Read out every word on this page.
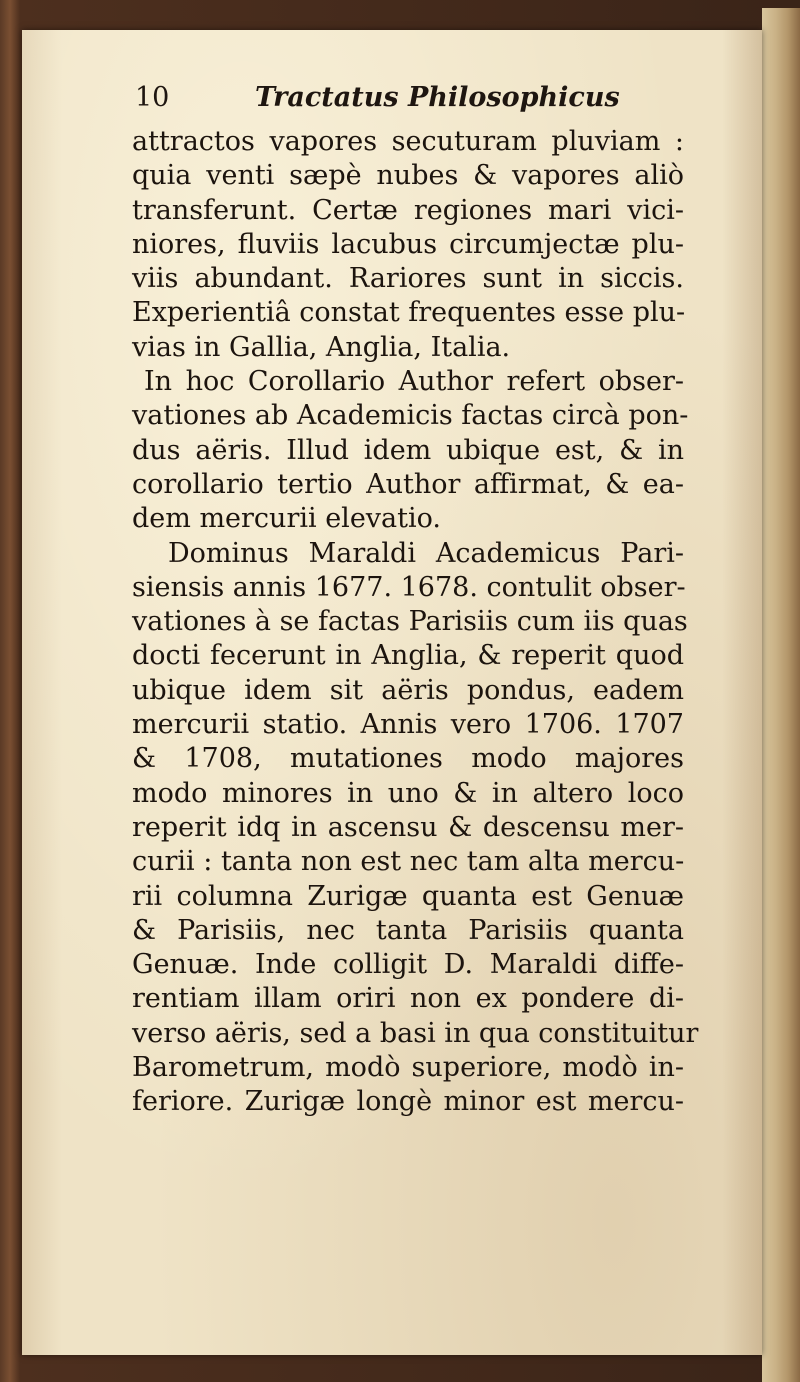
10	Tractatus Philosophicus
attractos vapores secuturam pluviam :
quia venti sæpè nubes & vapores aliò
transferunt. Certæ regiones mari vici-
niores, fluviis lacubus circumjectæ plu-
viis abundant. Rariores sunt in siccis.
Experientiâ constat frequentes esse plu-
vias in Gallia, Anglia, Italia.
In hoc Corollario Author refert obser-
vationes ab Academicis factas circà pon-
dus aëris. Illud idem ubique est, & in
corollario tertio Author affirmat, & ea-
dem mercurii elevatio.
Dominus Maraldi Academicus Pari-
siensis annis 1677. 1678. contulit obser-
vationes à se factas Parisiis cum iis quas
docti fecerunt in Anglia, & reperit quod
ubique idem sit aëris pondus, eadem
mercurii statio. Annis vero 1706. 1707
& 1708, mutationes modo majores
modo minores in uno & in altero loco
reperit idq in ascensu & descensu mer-
curii : tanta non est nec tam alta mercu-
rii columna Zurigæ quanta est Genuæ
& Parisiis, nec tanta Parisiis quanta
Genuæ. Inde colligit D. Maraldi diffe-
rentiam illam oriri non ex pondere di-
verso aëris, sed a basi in qua constituitur
Barometrum, modò superiore, modò in-
feriore. Zurigæ longè minor est mercu-
